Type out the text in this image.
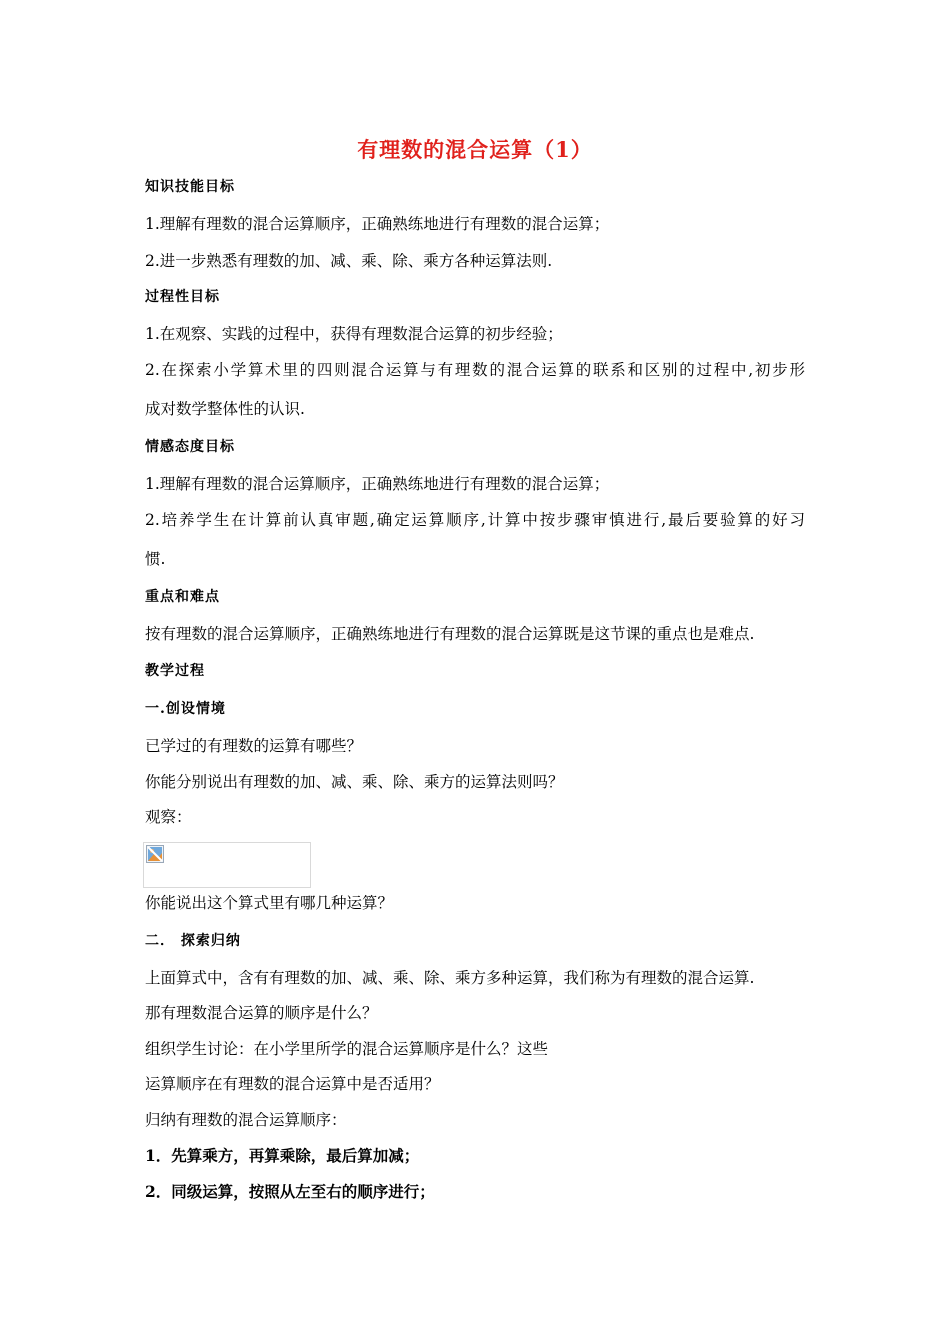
有理数的混合运算（1）
知识技能目标
1.理解有理数的混合运算顺序，正确熟练地进行有理数的混合运算；
2.进一步熟悉有理数的加、减、乘、除、乘方各种运算法则.
过程性目标
1.在观察、实践的过程中，获得有理数混合运算的初步经验；
2.在探索小学算术里的四则混合运算与有理数的混合运算的联系和区别的过程中,初步形
成对数学整体性的认识.
情感态度目标
1.理解有理数的混合运算顺序，正确熟练地进行有理数的混合运算；
2.培养学生在计算前认真审题,确定运算顺序,计算中按步骤审慎进行,最后要验算的好习
惯.
重点和难点
按有理数的混合运算顺序，正确熟练地进行有理数的混合运算既是这节课的重点也是难点.
教学过程
一.创设情境
已学过的有理数的运算有哪些？
你能分别说出有理数的加、减、乘、除、乘方的运算法则吗？
观察：
你能说出这个算式里有哪几种运算？
二． 探索归纳
上面算式中，含有有理数的加、减、乘、除、乘方多种运算，我们称为有理数的混合运算.
那有理数混合运算的顺序是什么？
组织学生讨论：在小学里所学的混合运算顺序是什么？这些
运算顺序在有理数的混合运算中是否适用？
归纳有理数的混合运算顺序：
1．先算乘方，再算乘除，最后算加减；
2．同级运算，按照从左至右的顺序进行；
